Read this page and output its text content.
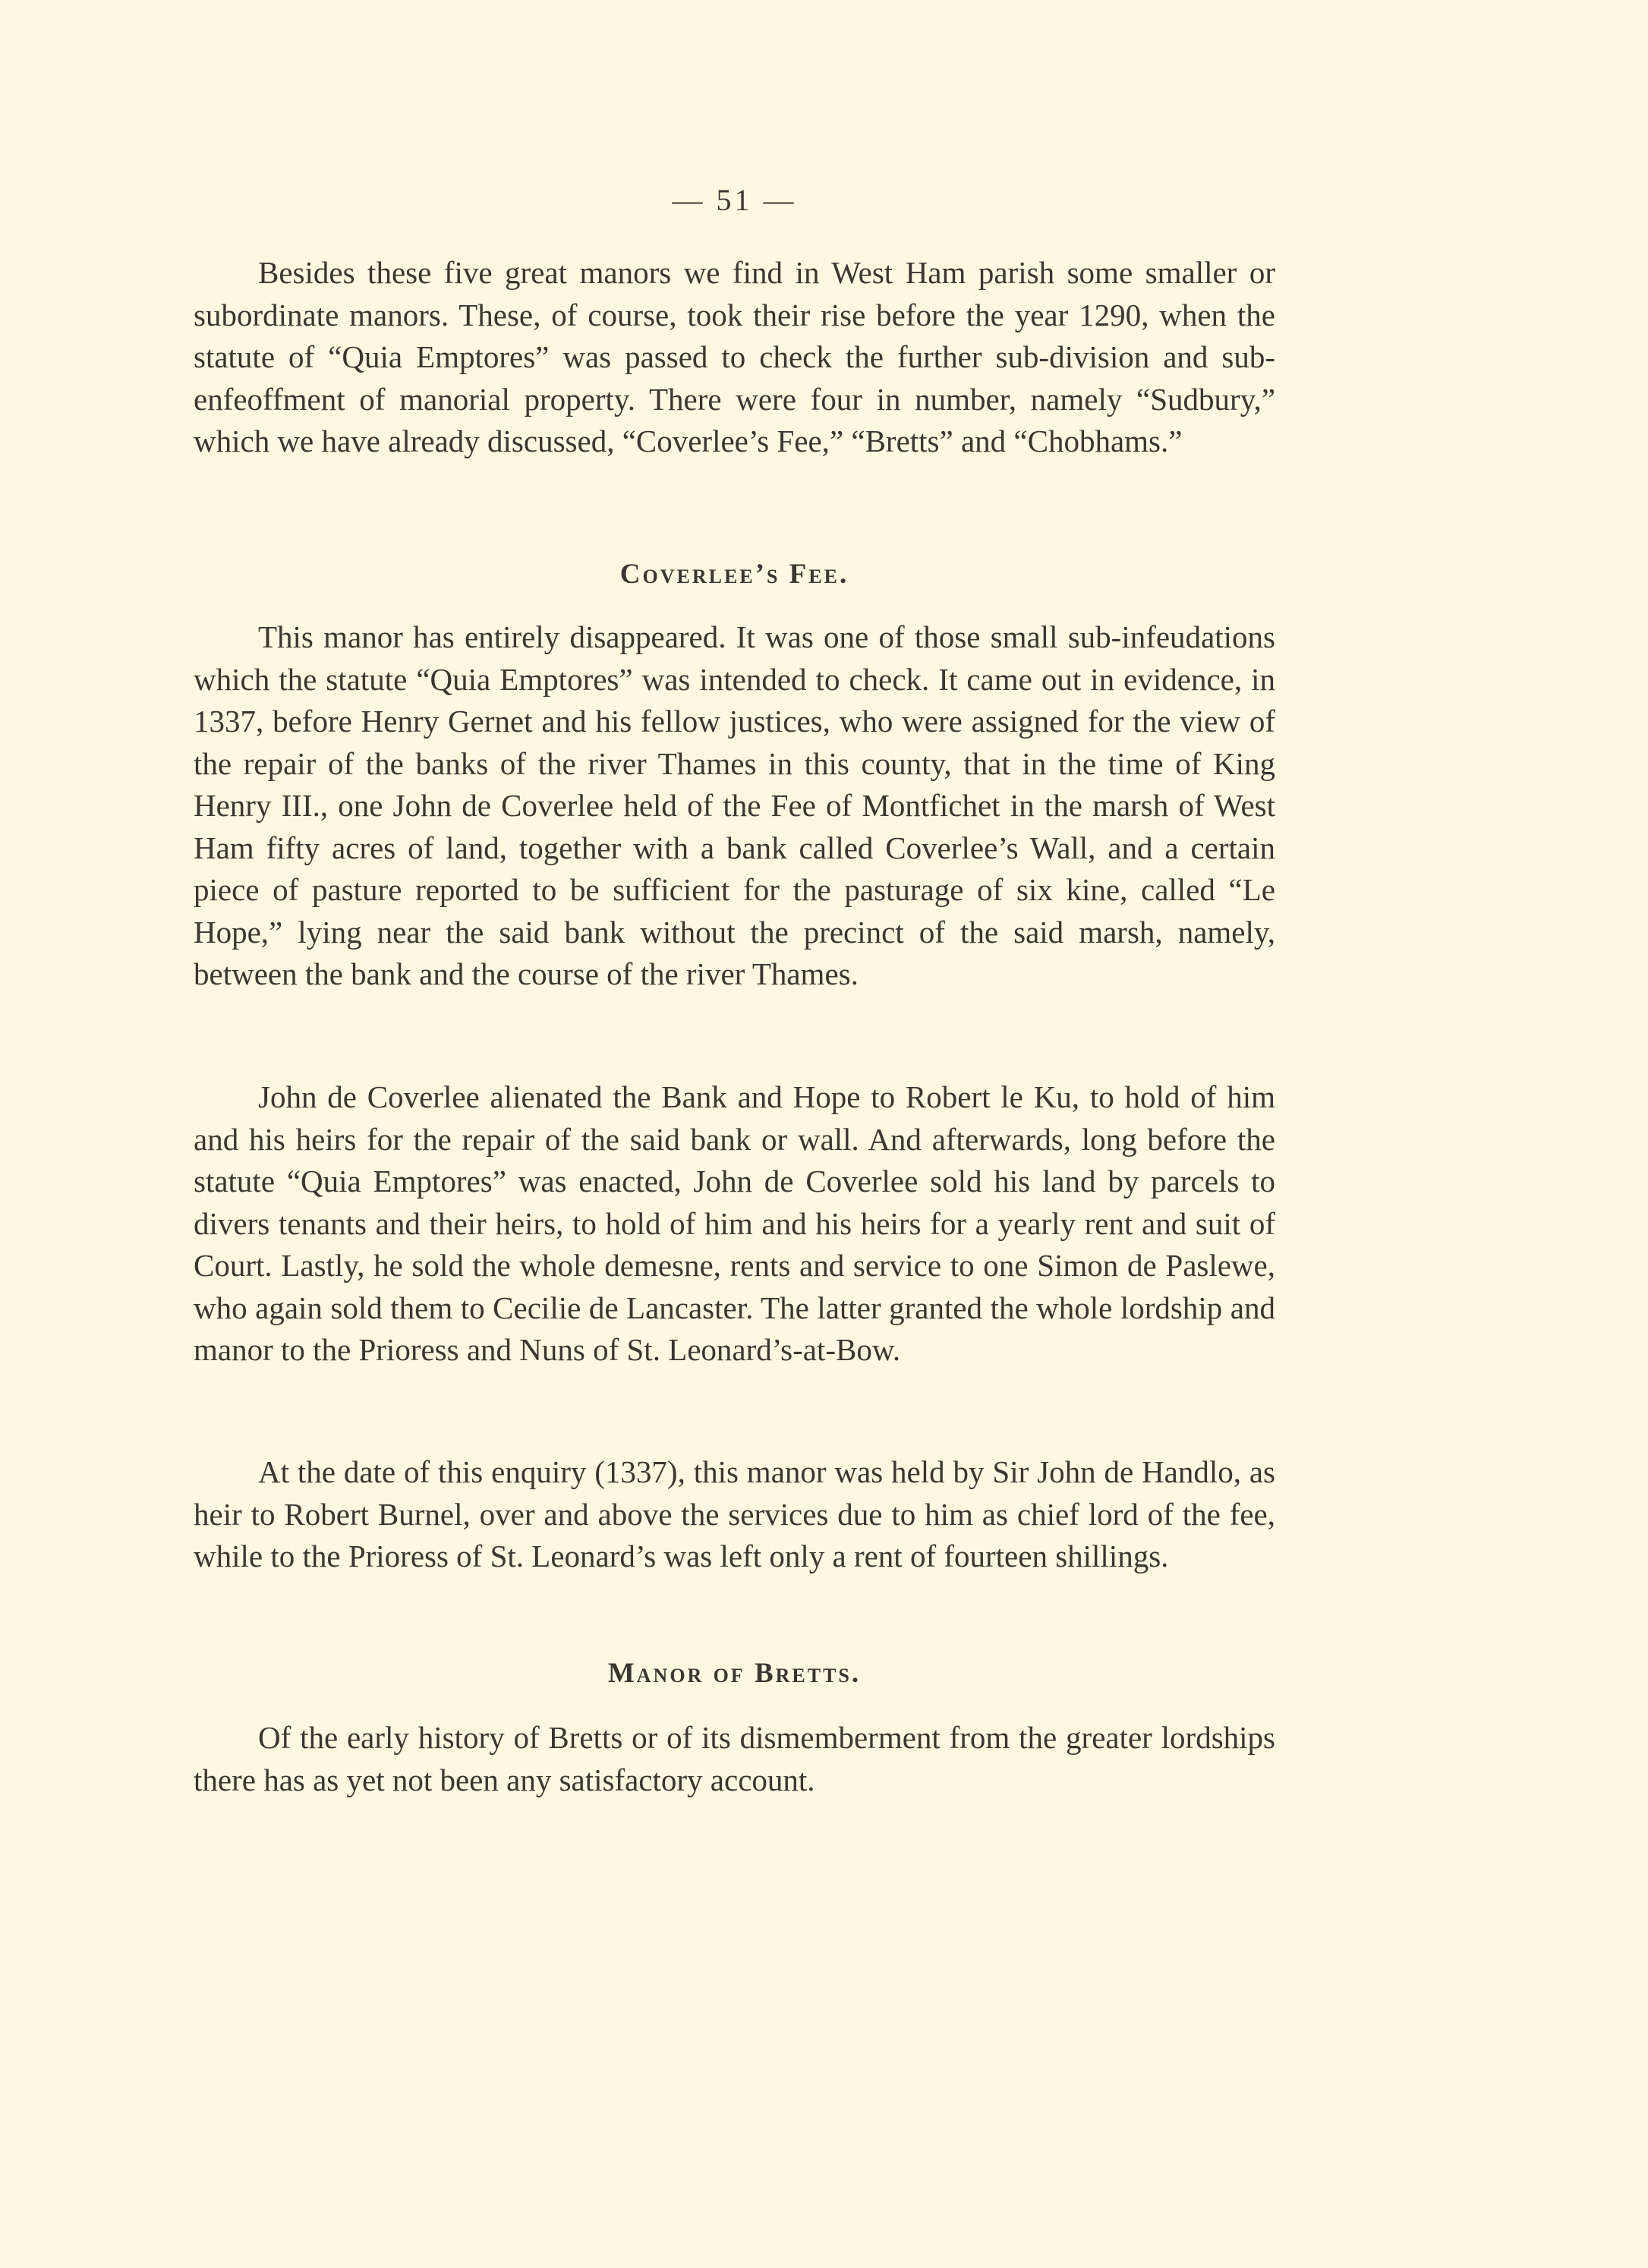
— 51 —

Besides these five great manors we find in West Ham parish some smaller or subordinate manors. These, of course, took their rise before the year 1290, when the statute of “Quia Emptores” was passed to check the further sub-division and sub-enfeoffment of manorial property. There were four in number, namely “Sudbury,” which we have already discussed, “Coverlee’s Fee,” “Bretts” and “Chobhams.”

Coverlee’s Fee.

This manor has entirely disappeared. It was one of those small sub-infeudations which the statute “Quia Emptores” was intended to check. It came out in evidence, in 1337, before Henry Gernet and his fellow justices, who were assigned for the view of the repair of the banks of the river Thames in this county, that in the time of King Henry III., one John de Coverlee held of the Fee of Montfichet in the marsh of West Ham fifty acres of land, together with a bank called Coverlee’s Wall, and a certain piece of pasture reported to be sufficient for the pasturage of six kine, called “Le Hope,” lying near the said bank without the precinct of the said marsh, namely, between the bank and the course of the river Thames.

John de Coverlee alienated the Bank and Hope to Robert le Ku, to hold of him and his heirs for the repair of the said bank or wall. And afterwards, long before the statute “Quia Emptores” was enacted, John de Coverlee sold his land by parcels to divers tenants and their heirs, to hold of him and his heirs for a yearly rent and suit of Court. Lastly, he sold the whole demesne, rents and service to one Simon de Paslewe, who again sold them to Cecilie de Lancaster. The latter granted the whole lordship and manor to the Prioress and Nuns of St. Leonard’s-at-Bow.

At the date of this enquiry (1337), this manor was held by Sir John de Handlo, as heir to Robert Burnel, over and above the services due to him as chief lord of the fee, while to the Prioress of St. Leonard’s was left only a rent of fourteen shillings.

Manor of Bretts.

Of the early history of Bretts or of its dismemberment from the greater lordships there has as yet not been any satisfactory account.
